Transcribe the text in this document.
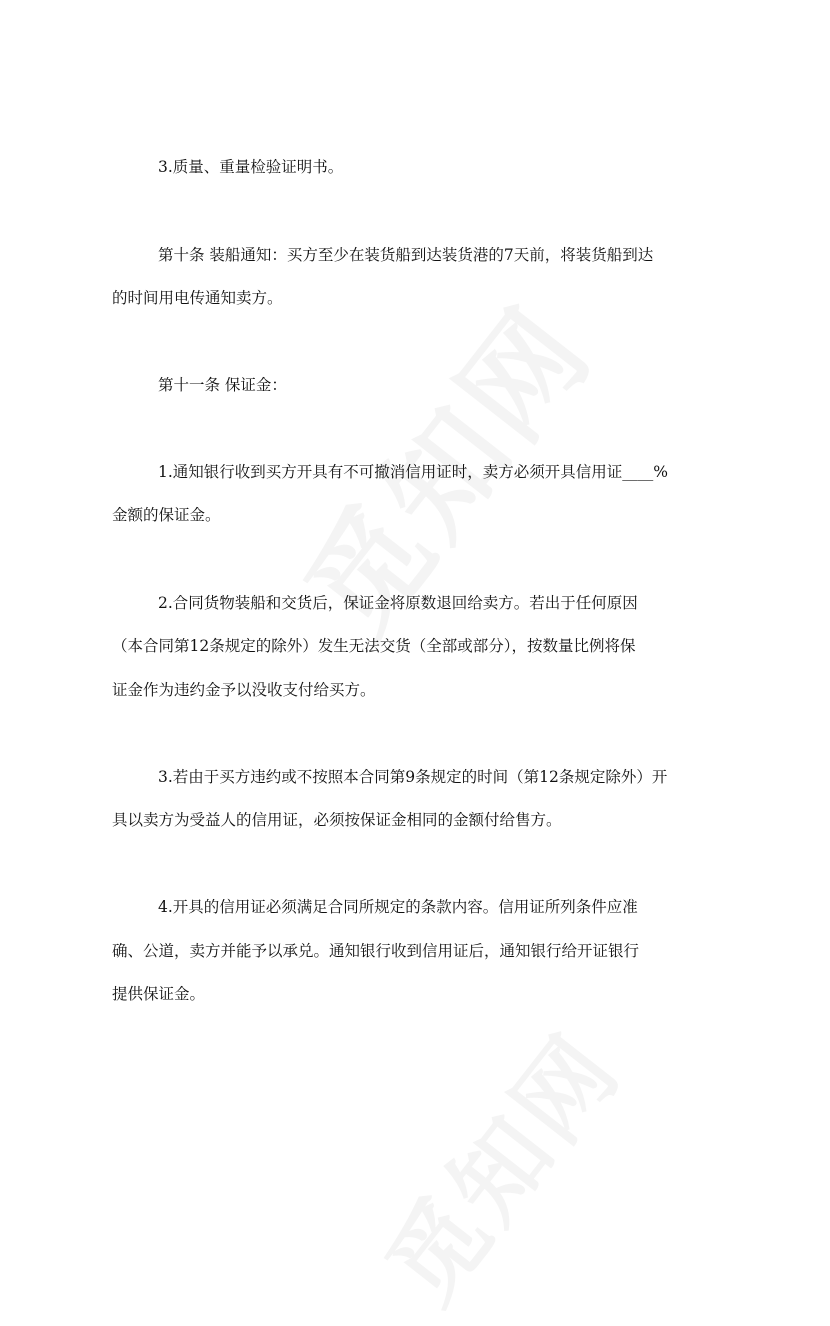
3.质量、重量检验证明书。
第十条 装船通知：买方至少在装货船到达装货港的7天前，将装货船到达
的时间用电传通知卖方。
第十一条 保证金：
1.通知银行收到买方开具有不可撤消信用证时，卖方必须开具信用证____%
金额的保证金。
2.合同货物装船和交货后，保证金将原数退回给卖方。若出于任何原因
（本合同第12条规定的除外）发生无法交货（全部或部分），按数量比例将保
证金作为违约金予以没收支付给买方。
3.若由于买方违约或不按照本合同第9条规定的时间（第12条规定除外）开
具以卖方为受益人的信用证，必须按保证金相同的金额付给售方。
4.开具的信用证必须满足合同所规定的条款内容。信用证所列条件应准
确、公道，卖方并能予以承兑。通知银行收到信用证后，通知银行给开证银行
提供保证金。
